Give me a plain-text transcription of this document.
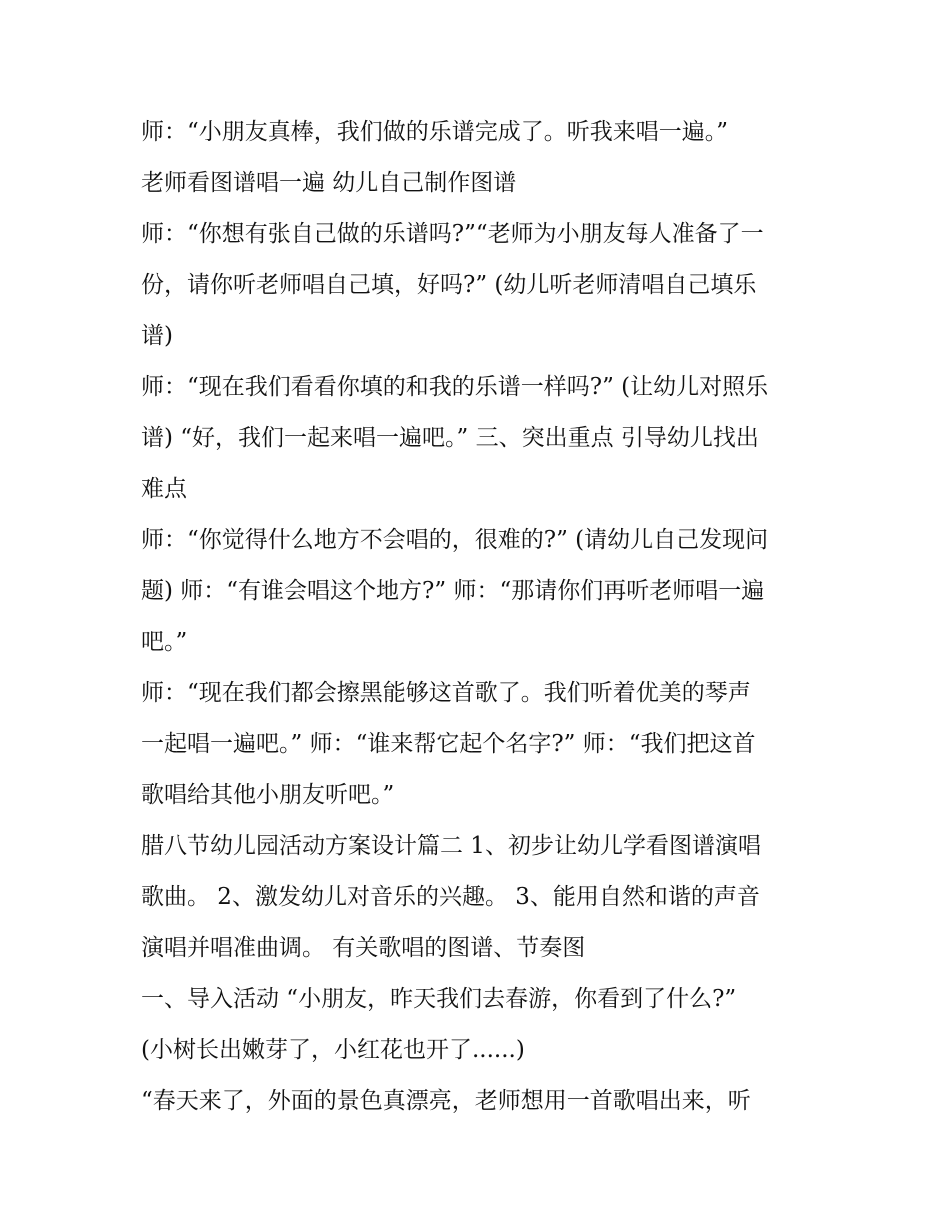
师：“小朋友真棒，我们做的乐谱完成了。听我来唱一遍。”
老师看图谱唱一遍 幼儿自己制作图谱
师：“你想有张自己做的乐谱吗?”“老师为小朋友每人准备了一
份，请你听老师唱自己填，好吗?” (幼儿听老师清唱自己填乐
谱)
师：“现在我们看看你填的和我的乐谱一样吗?” (让幼儿对照乐
谱) “好，我们一起来唱一遍吧。” 三、突出重点 引导幼儿找出
难点
师：“你觉得什么地方不会唱的，很难的?” (请幼儿自己发现问
题) 师：“有谁会唱这个地方?” 师：“那请你们再听老师唱一遍
吧。”
师：“现在我们都会擦黑能够这首歌了。我们听着优美的琴声
一起唱一遍吧。” 师：“谁来帮它起个名字?” 师：“我们把这首
歌唱给其他小朋友听吧。”
腊八节幼儿园活动方案设计篇二 1、初步让幼儿学看图谱演唱
歌曲。 2、激发幼儿对音乐的兴趣。 3、能用自然和谐的声音
演唱并唱准曲调。 有关歌唱的图谱、节奏图
一、导入活动 “小朋友，昨天我们去春游，你看到了什么?”
(小树长出嫩芽了，小红花也开了......)
“春天来了，外面的景色真漂亮，老师想用一首歌唱出来，听
